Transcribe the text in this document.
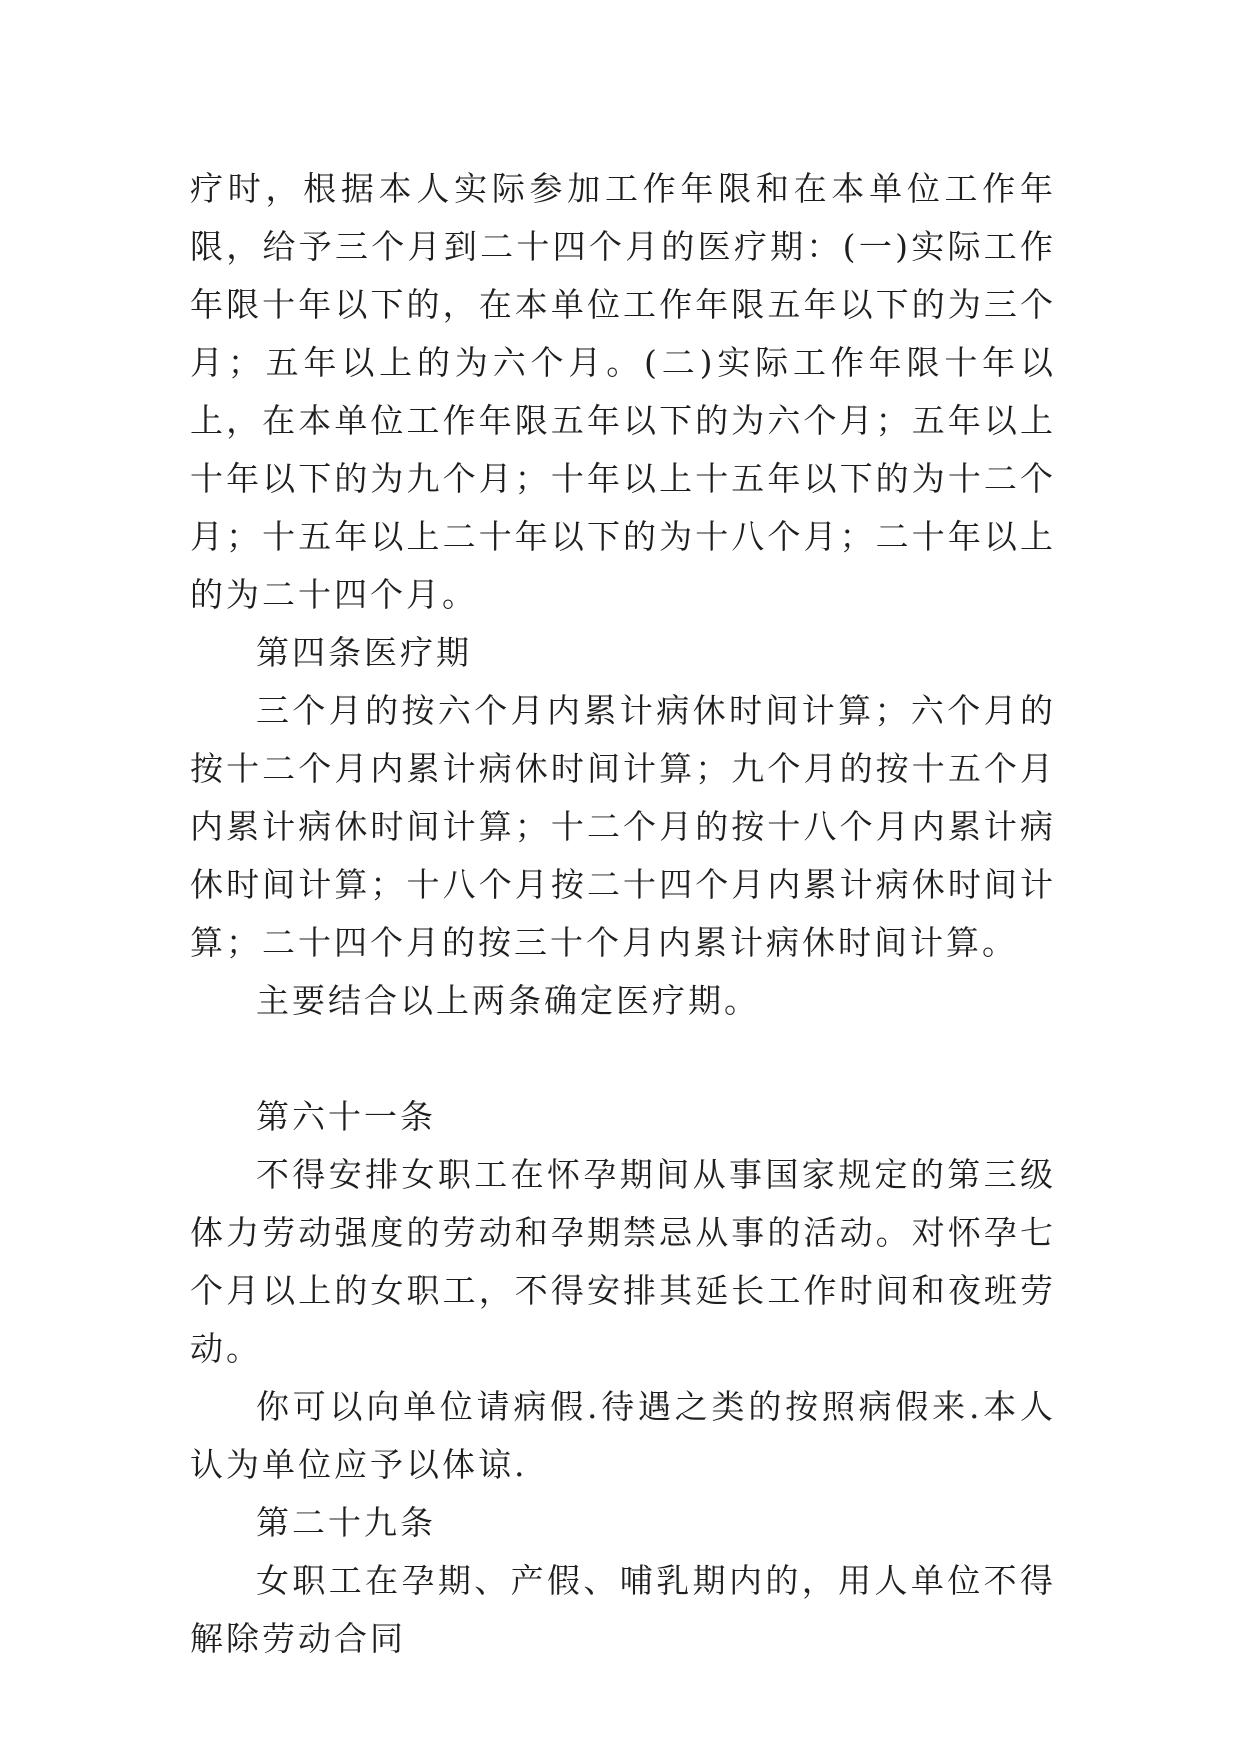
疗时，根据本人实际参加工作年限和在本单位工作年限，给予三个月到二十四个月的医疗期：(一)实际工作年限十年以下的，在本单位工作年限五年以下的为三个月；五年以上的为六个月。(二)实际工作年限十年以上，在本单位工作年限五年以下的为六个月；五年以上十年以下的为九个月；十年以上十五年以下的为十二个月；十五年以上二十年以下的为十八个月；二十年以上的为二十四个月。

第四条医疗期

三个月的按六个月内累计病休时间计算；六个月的按十二个月内累计病休时间计算；九个月的按十五个月内累计病休时间计算；十二个月的按十八个月内累计病休时间计算；十八个月按二十四个月内累计病休时间计算；二十四个月的按三十个月内累计病休时间计算。

主要结合以上两条确定医疗期。

第六十一条

不得安排女职工在怀孕期间从事国家规定的第三级体力劳动强度的劳动和孕期禁忌从事的活动。对怀孕七个月以上的女职工，不得安排其延长工作时间和夜班劳动。

你可以向单位请病假.待遇之类的按照病假来.本人认为单位应予以体谅.

第二十九条

女职工在孕期、产假、哺乳期内的，用人单位不得解除劳动合同
